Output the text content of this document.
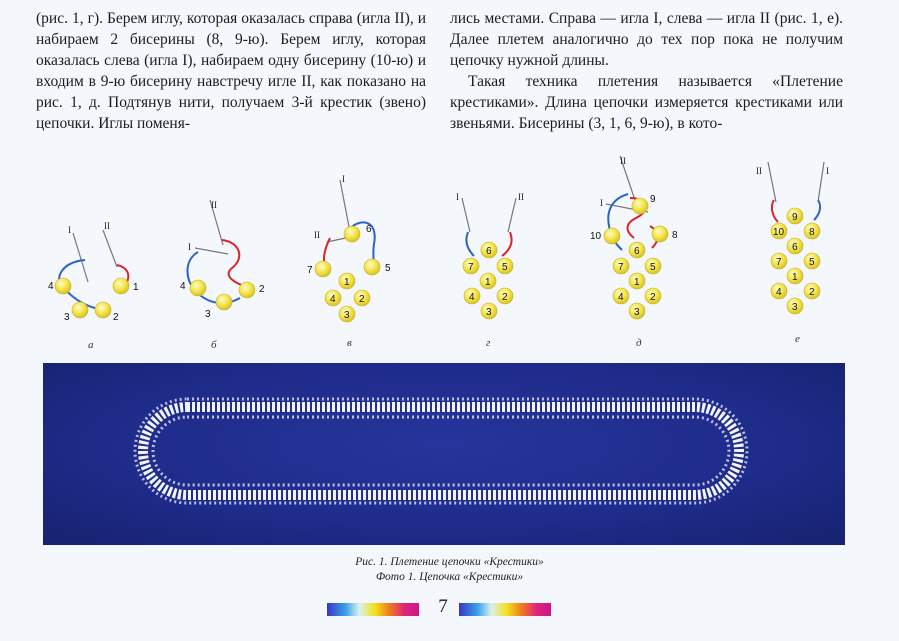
(рис. 1, г). Берем иглу, которая оказалась справа (игла II), и набираем 2 бисерины (8, 9-ю). Берем иглу, которая оказалась слева (игла I), набираем одну бисерину (10-ю) и входим в 9-ю бисерину навстречу игле II, как показано на рис. 1, д. Подтянув нити, получаем 3-й крестик (звено) цепочки. Иглы поменя-

лись местами. Справа — игла I, слева — игла II (рис. 1, е). Далее плетем аналогично до тех пор пока не получим цепочку нужной длины.

Такая техника плетения называется «Плетение крестиками». Длина цепочки измеряется крестиками или звеньями. Бисерины (3, 1, 6, 9-ю), в кото-

4
3	2
1
I	II
а
4
3
2
I
II
б
6
7	5
1
4 2
3
I
II
в
6
7	5
1
4	2
3
I	II
г
9
10	8
6
7	5
1
4	2
3
I
II
д
9
10 8
6
7	5
1
4	2
3
II	I
е
Рис. 1. Плетение цепочки «Крестики»
Фото 1. Цепочка «Крестики»
7
